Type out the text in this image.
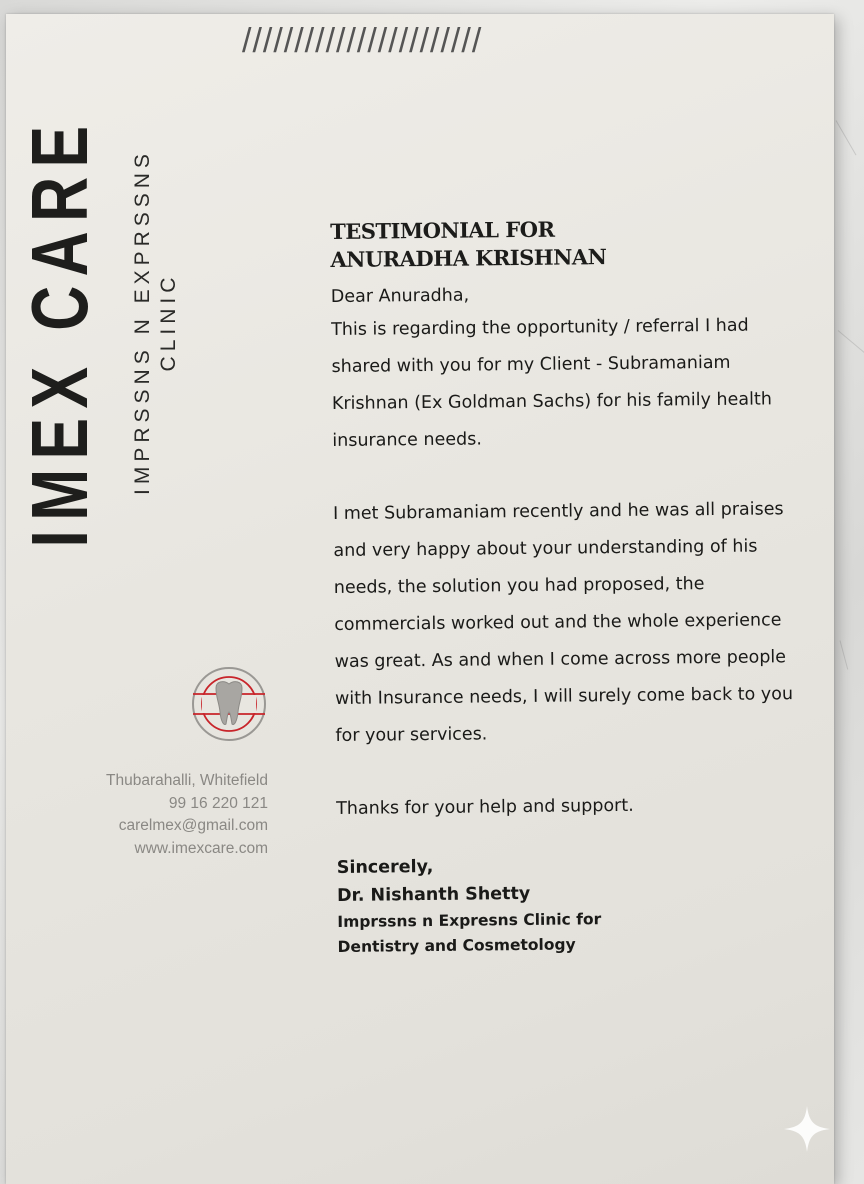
///////////////////////
IMEX CARE IMPRSSNS N EXPRSSNS CLINIC
Thubarahalli, Whitefield
99 16 220 121
carelmex@gmail.com
www.imexcare.com
TESTIMONIAL FOR
ANURADHA KRISHNAN
Dear Anuradha,

This is regarding the opportunity / referral I had shared with you for my Client - Subramaniam Krishnan (Ex Goldman Sachs) for his family health insurance needs.

I met Subramaniam recently and he was all praises and very happy about your understanding of his needs, the solution you had proposed, the commercials worked out and the whole experience was great. As and when I come across more people with Insurance needs, I will surely come back to you for your services.

Thanks for your help and support.

Sincerely,
Dr. Nishanth Shetty
Imprssns n Expresns Clinic for
Dentistry and Cosmetology
